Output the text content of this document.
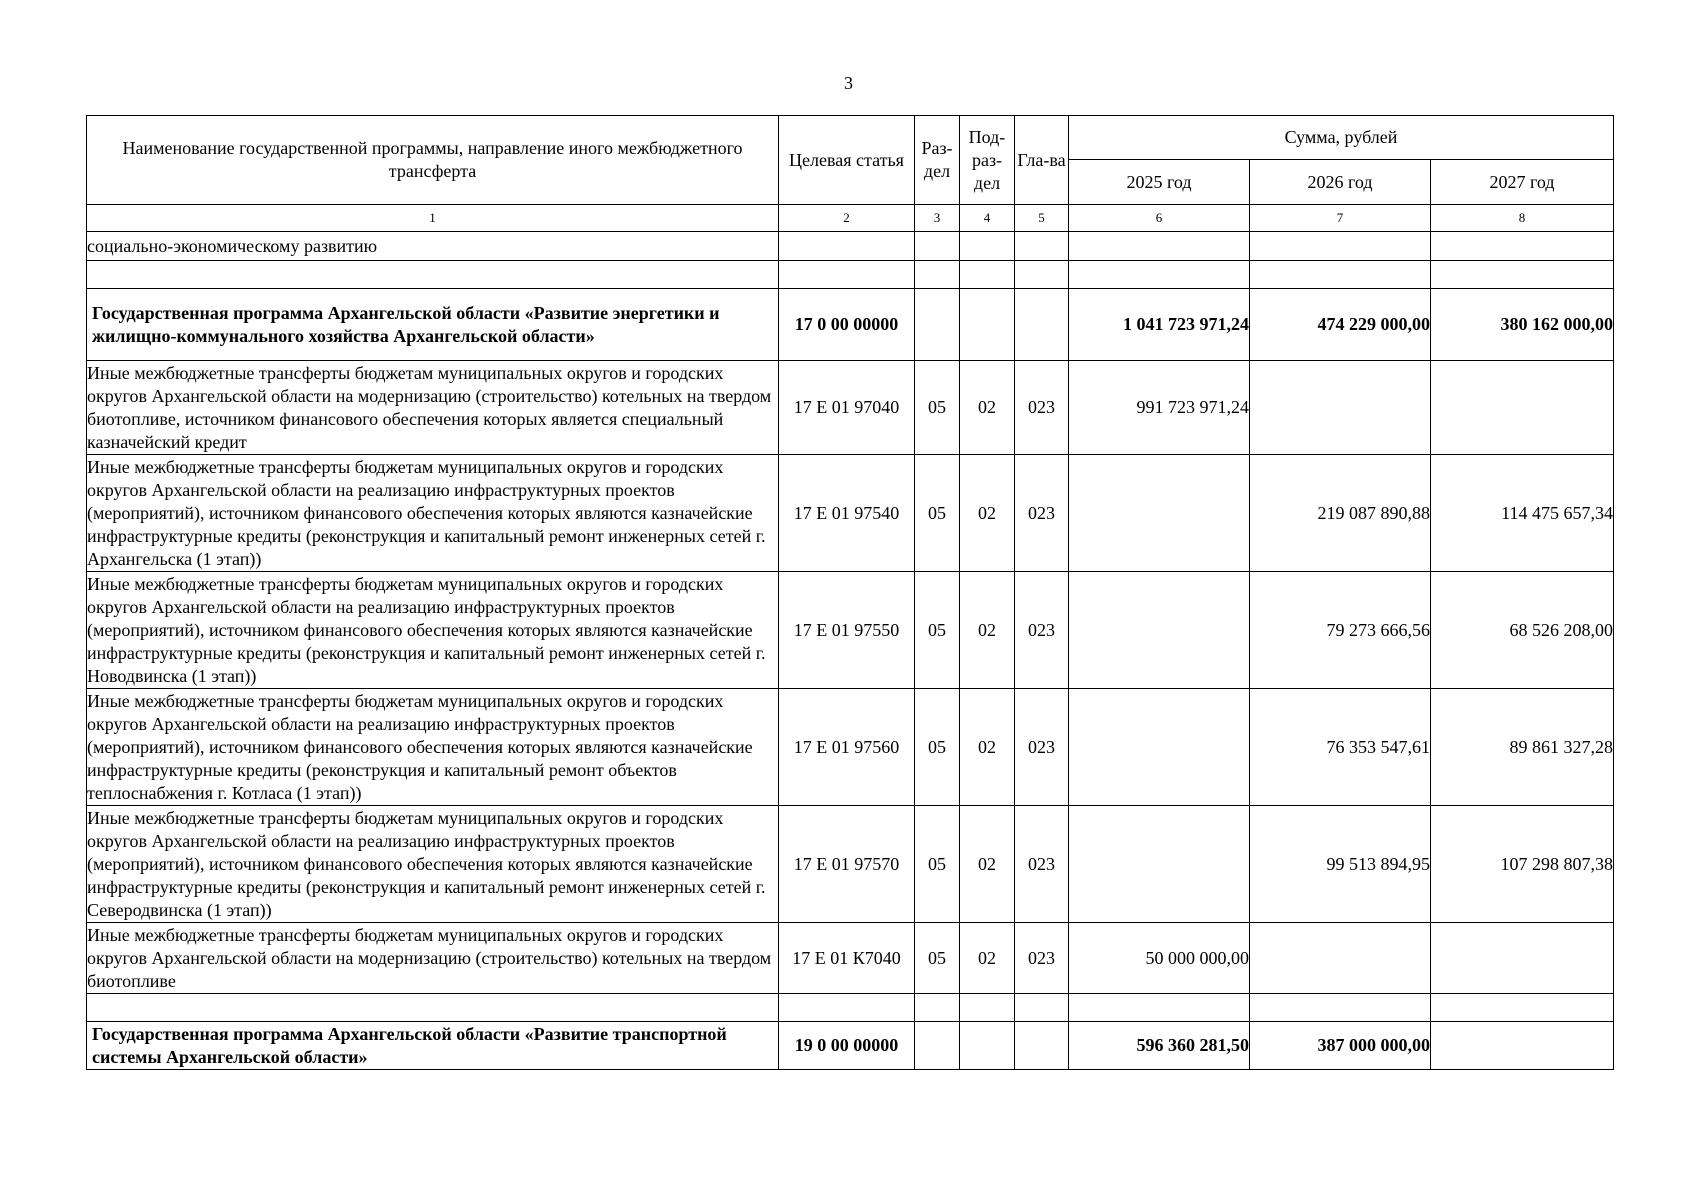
3
Наименование государственной программы, направление иного межбюджетного трансферта	Целевая статья	Раз-дел	Под-раз-дел	Гла-ва	Сумма, рублей		
					2025 год	2026 год	2027 год
1	2	3	4	5	6	7	8
социально-экономическому развитию							

Государственная программа Архангельской области «Развитие энергетики и жилищно-коммунального хозяйства Архангельской области»	17 0 00 00000				1 041 723 971,24	474 229 000,00	380 162 000,00
Иные межбюджетные трансферты бюджетам муниципальных округов и городских округов Архангельской области на модернизацию (строительство) котельных на твердом биотопливе, источником финансового обеспечения которых является специальный казначейский кредит	17 Е 01 97040	05	02	023	991 723 971,24		
Иные межбюджетные трансферты бюджетам муниципальных округов и городских округов Архангельской области на реализацию инфраструктурных проектов (мероприятий), источником финансового обеспечения которых являются казначейские инфраструктурные кредиты (реконструкция и капитальный ремонт инженерных сетей г. Архангельска (1 этап))	17 Е 01 97540	05	02	023		219 087 890,88	114 475 657,34
Иные межбюджетные трансферты бюджетам муниципальных округов и городских округов Архангельской области на реализацию инфраструктурных проектов (мероприятий), источником финансового обеспечения которых являются казначейские инфраструктурные кредиты (реконструкция и капитальный ремонт инженерных сетей г. Новодвинска (1 этап))	17 Е 01 97550	05	02	023		79 273 666,56	68 526 208,00
Иные межбюджетные трансферты бюджетам муниципальных округов и городских округов Архангельской области на реализацию инфраструктурных проектов (мероприятий), источником финансового обеспечения которых являются казначейские инфраструктурные кредиты (реконструкция и капитальный ремонт объектов теплоснабжения г. Котласа (1 этап))	17 Е 01 97560	05	02	023		76 353 547,61	89 861 327,28
Иные межбюджетные трансферты бюджетам муниципальных округов и городских округов Архангельской области на реализацию инфраструктурных проектов (мероприятий), источником финансового обеспечения которых являются казначейские инфраструктурные кредиты (реконструкция и капитальный ремонт инженерных сетей г. Северодвинска (1 этап))	17 Е 01 97570	05	02	023		99 513 894,95	107 298 807,38
Иные межбюджетные трансферты бюджетам муниципальных округов и городских округов Архангельской области на модернизацию (строительство) котельных на твердом биотопливе	17 Е 01 К7040	05	02	023	50 000 000,00		

Государственная программа Архангельской области «Развитие транспортной системы Архангельской области»	19 0 00 00000				596 360 281,50	387 000 000,00	
